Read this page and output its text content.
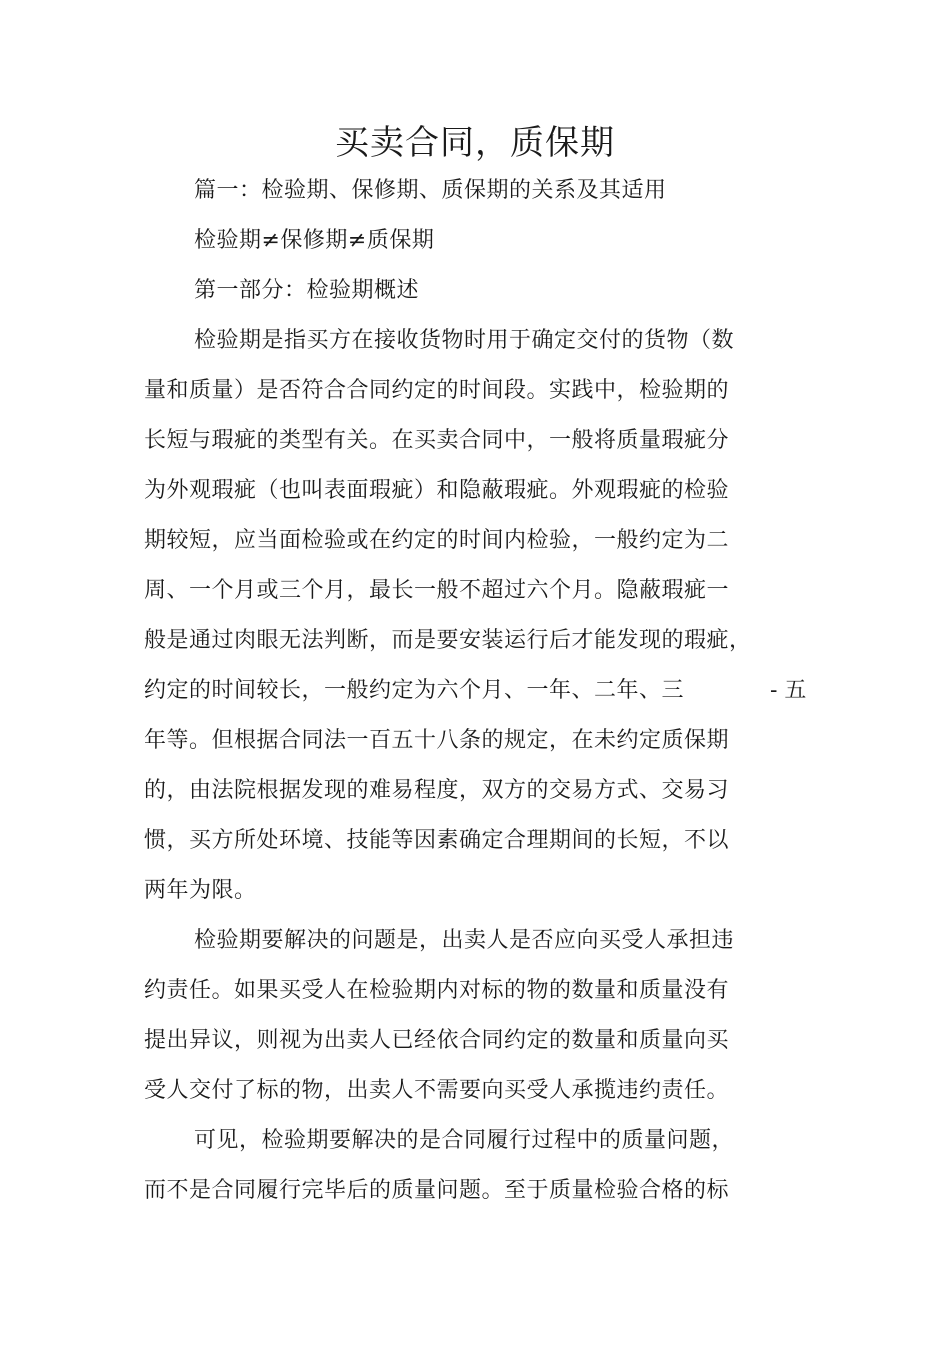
买卖合同，质保期
篇一：检验期、保修期、质保期的关系及其适用
检验期≠保修期≠质保期
第一部分：检验期概述
检验期是指买方在接收货物时用于确定交付的货物（数
量和质量）是否符合合同约定的时间段。实践中，检验期的
长短与瑕疵的类型有关。在买卖合同中，一般将质量瑕疵分
为外观瑕疵（也叫表面瑕疵）和隐蔽瑕疵。外观瑕疵的检验
期较短，应当面检验或在约定的时间内检验，一般约定为二
周、一个月或三个月，最长一般不超过六个月。隐蔽瑕疵一
般是通过肉眼无法判断，而是要安装运行后才能发现的瑕疵，
约定的时间较长，一般约定为六个月、一年、二年、三	- 五
年等。但根据合同法一百五十八条的规定，在未约定质保期
的，由法院根据发现的难易程度，双方的交易方式、交易习
惯，买方所处环境、技能等因素确定合理期间的长短，不以
两年为限。
检验期要解决的问题是，出卖人是否应向买受人承担违
约责任。如果买受人在检验期内对标的物的数量和质量没有
提出异议，则视为出卖人已经依合同约定的数量和质量向买
受人交付了标的物，出卖人不需要向买受人承揽违约责任。
可见，检验期要解决的是合同履行过程中的质量问题，
而不是合同履行完毕后的质量问题。至于质量检验合格的标
